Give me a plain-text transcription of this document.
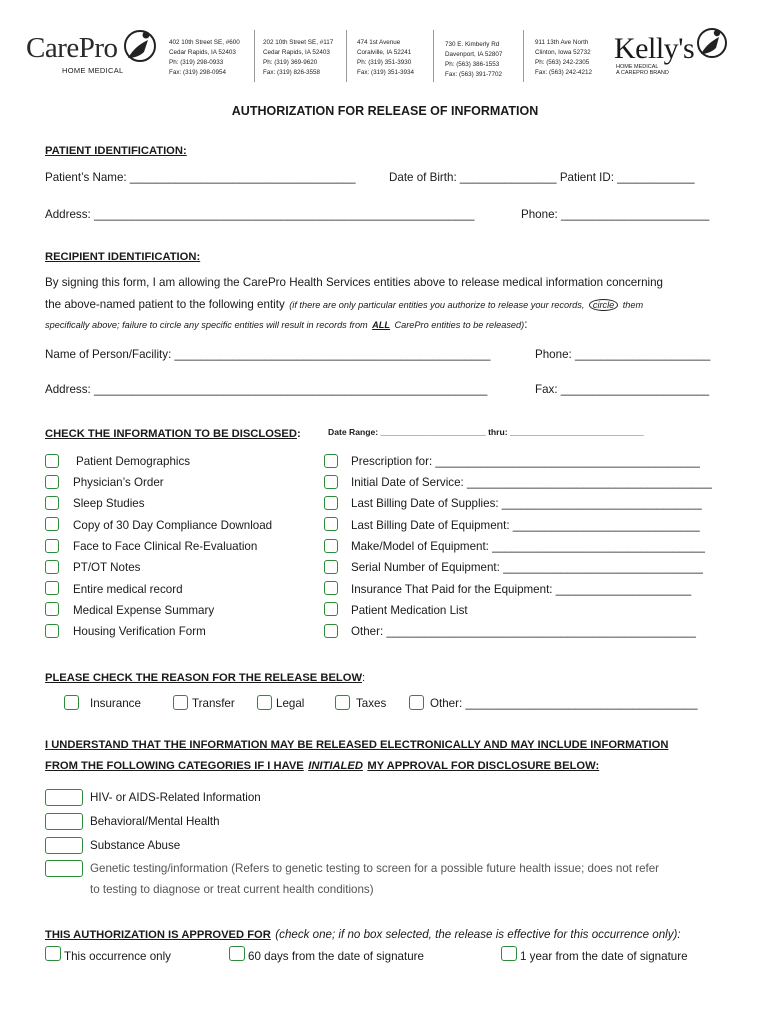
CarePro
HOME MEDICAL
402 10th Street SE, #600
Cedar Rapids, IA 52403
Ph: (319) 298-0933
Fax: (319) 298-0954
202 10th Street SE, #117
Cedar Rapids, IA 52403
Ph: (319) 369-9620
Fax: (319) 826-3558
474 1st Avenue
Coralville, IA 52241
Ph: (319) 351-3930
Fax: (319) 351-3934
730 E. Kimberly Rd
Davenport, IA 52807
Ph: (563) 386-1553
Fax: (563) 391-7702
911 13th Ave North
Clinton, Iowa 52732
Ph: (563) 242-2305
Fax: (563) 242-4212
Kelly's
HOME MEDICAL
A CAREPRO BRAND
AUTHORIZATION FOR RELEASE OF INFORMATION
PATIENT IDENTIFICATION:
Patient’s Name: ___________________________________	Date of Birth: _______________ Patient ID: ____________
Address: ___________________________________________________________	Phone: _______________________
RECIPIENT IDENTIFICATION:
By signing this form, I am allowing the CarePro Health Services entities above to release medical information concerning
the above-named patient to the following entity (if there are only particular entities you authorize to release your records, circle them
specifically above; failure to circle any specific entities will result in records from ALL CarePro entities to be released):
Name of Person/Facility: _________________________________________________	Phone: _____________________
Address: _____________________________________________________________	Fax: _______________________
CHECK THE INFORMATION TO BE DISCLOSED:	Date Range: ______________________ thru: ____________________________
Patient Demographics
Physician’s Order
Sleep Studies
Copy of 30 Day Compliance Download
Face to Face Clinical Re-Evaluation
PT/OT Notes
Entire medical record
Medical Expense Summary
Housing Verification Form
Prescription for: _________________________________________
Initial Date of Service: ______________________________________
Last Billing Date of Supplies: _______________________________
Last Billing Date of Equipment: _____________________________
Make/Model of Equipment: _________________________________
Serial Number of Equipment: _______________________________
Insurance That Paid for the Equipment: _____________________
Patient Medication List
Other: ________________________________________________
PLEASE CHECK THE REASON FOR THE RELEASE BELOW:
Insurance	Transfer	Legal	Taxes	Other: ____________________________________
I UNDERSTAND THAT THE INFORMATION MAY BE RELEASED ELECTRONICALLY AND MAY INCLUDE INFORMATION
FROM THE FOLLOWING CATEGORIES IF I HAVE INITIALED MY APPROVAL FOR DISCLOSURE BELOW:
HIV- or AIDS-Related Information
Behavioral/Mental Health
Substance Abuse
Genetic testing/information (Refers to genetic testing to screen for a possible future health issue; does not refer
to testing to diagnose or treat current health conditions)
THIS AUTHORIZATION IS APPROVED FOR (check one; if no box selected, the release is effective for this occurrence only):
This occurrence only	60 days from the date of signature	1 year from the date of signature
